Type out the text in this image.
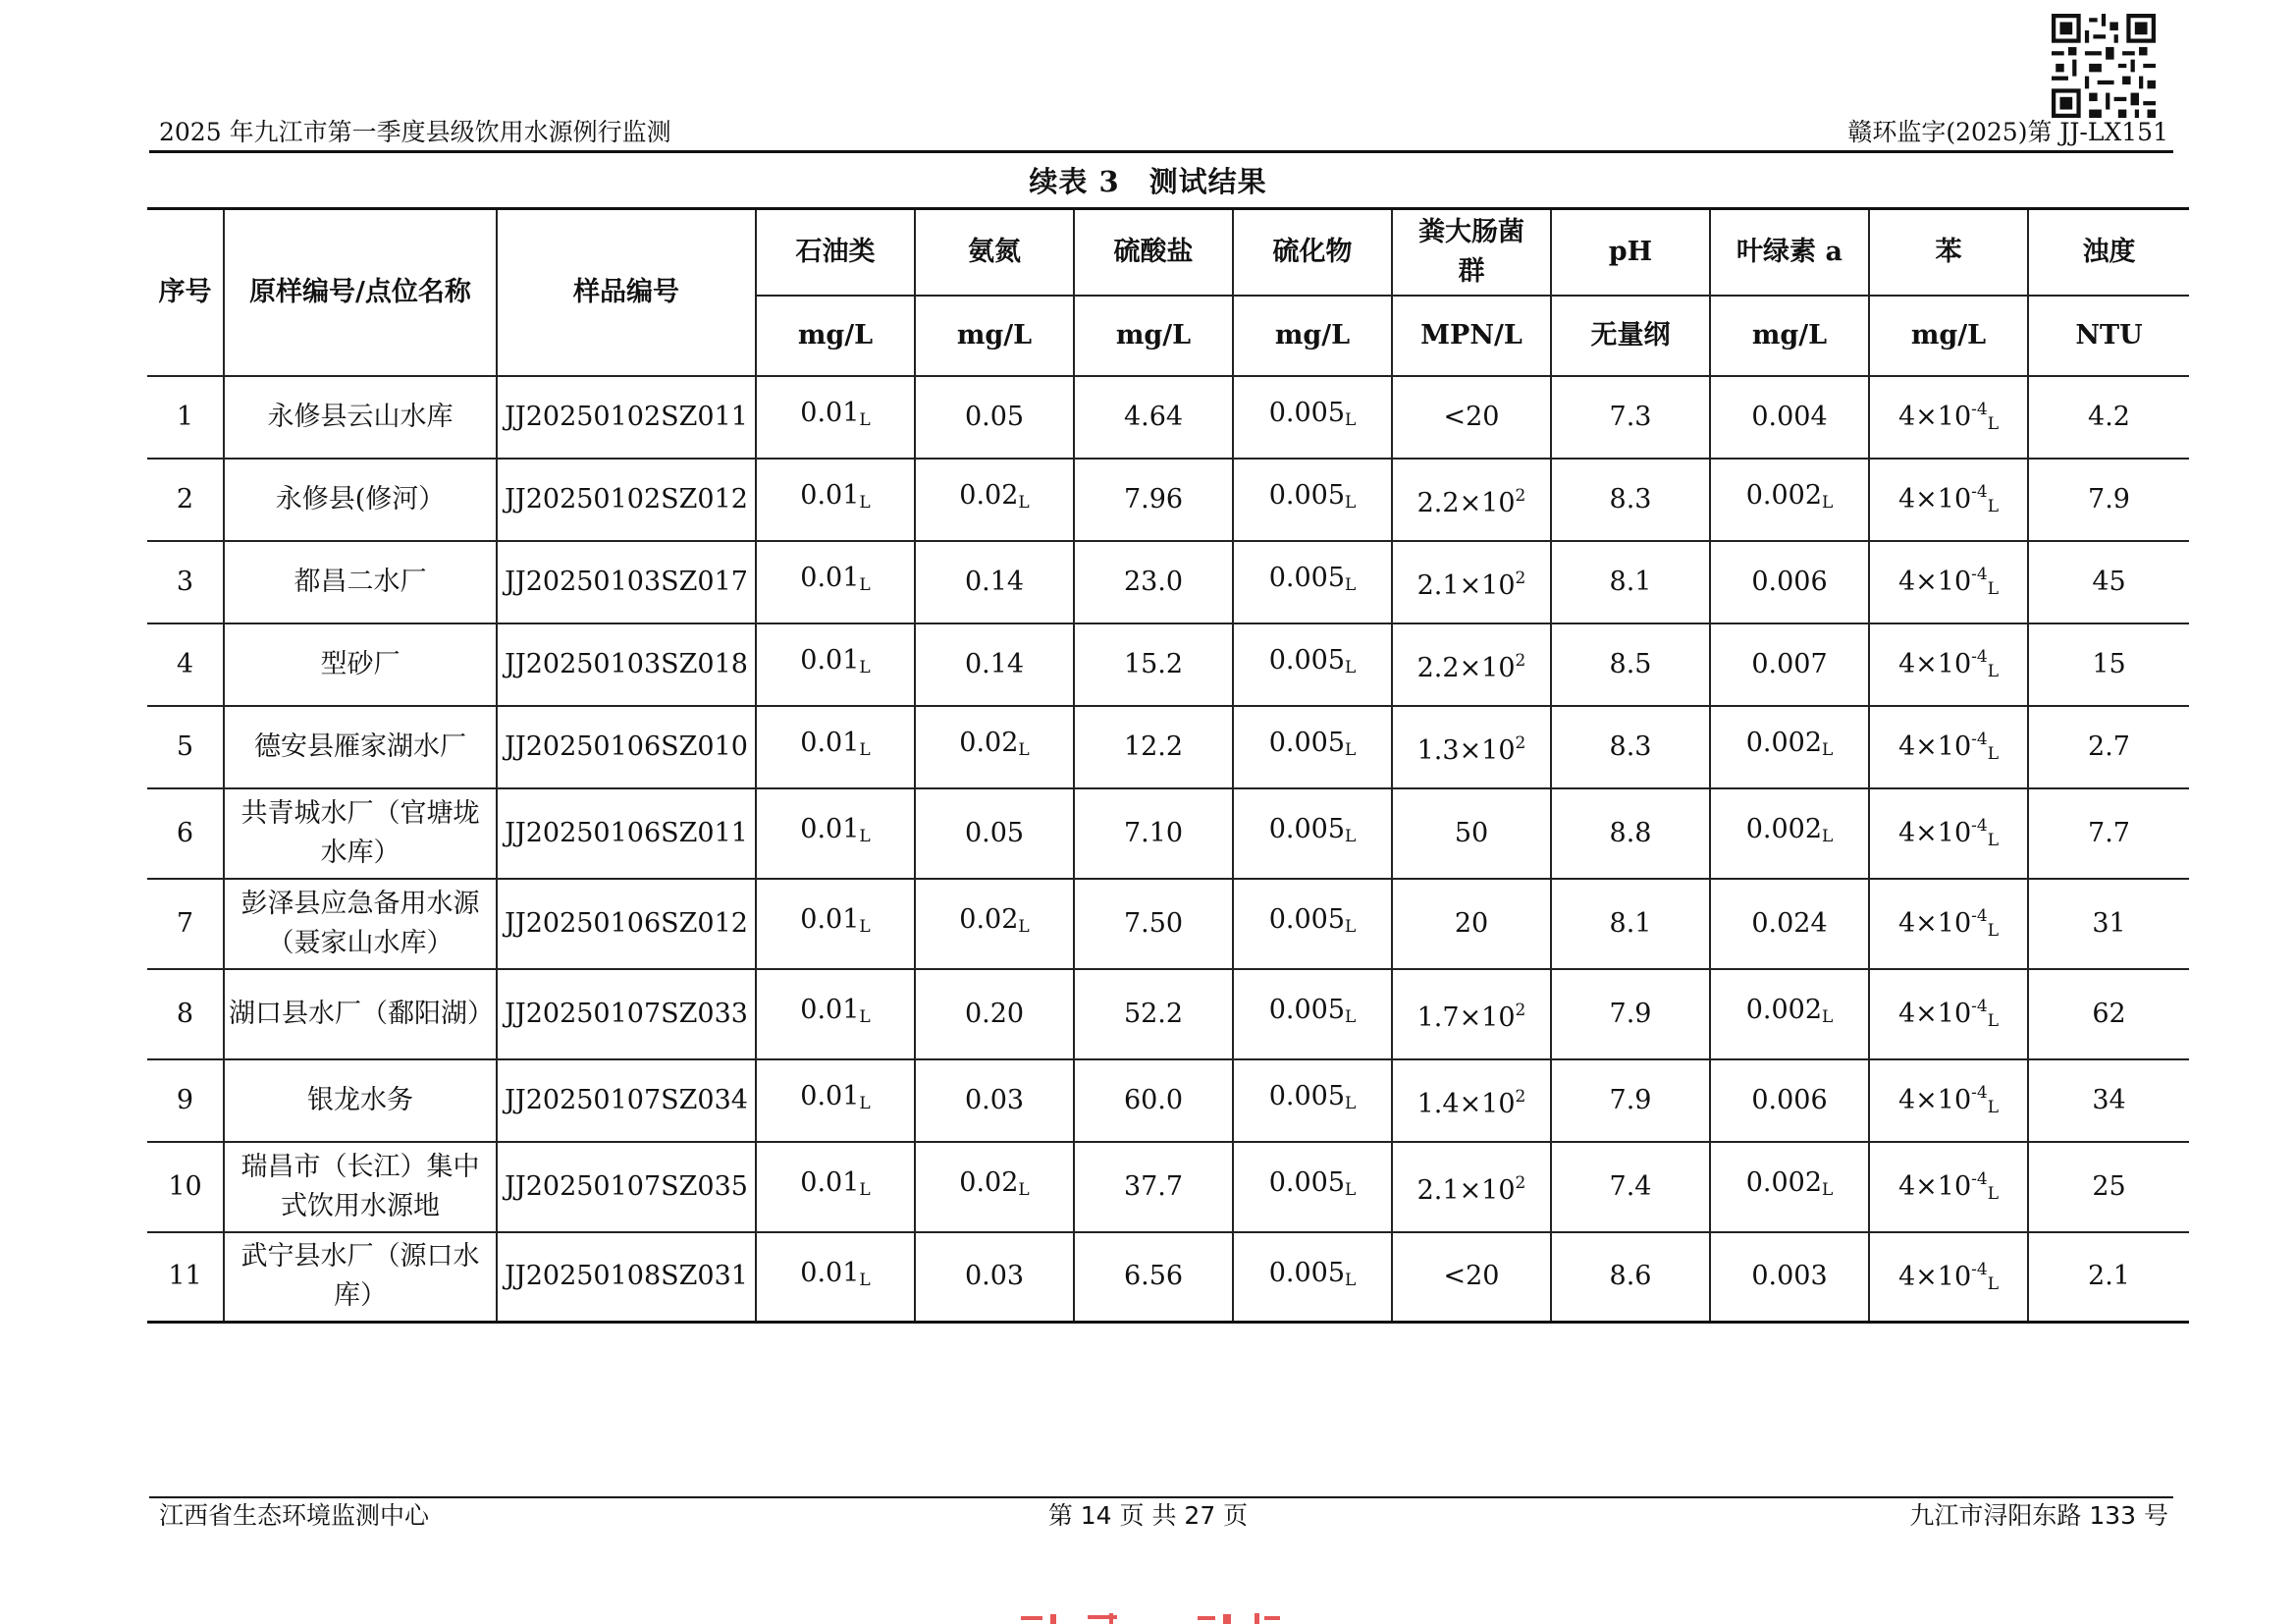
2025 年九江市第一季度县级饮用水源例行监测	赣环监字(2025)第 JJ-LX151
续表 3　测试结果
序号	原样编号/点位名称	样品编号	石油类	氨氮	硫酸盐	硫化物	粪大肠菌群	pH	叶绿素 a	苯	浊度
			mg/L	mg/L	mg/L	mg/L	MPN/L	无量纲	mg/L	mg/L	NTU
1	永修县云山水库	JJ20250102SZ011	0.01L	0.05	4.64	0.005L	<20	7.3	0.004	$4\times 10^{-4}L$	4.2
2	永修县(修河）	JJ20250102SZ012	0.01L	0.02L	7.96	0.005L	$2.2\times 10^2$	8.3	0.002L	$4\times 10^{-4}L$	7.9
3	都昌二水厂	JJ20250103SZ017	0.01L	0.14	23.0	0.005L	$2.1\times 10^2$	8.1	0.006	$4\times 10^{-4}L$	45
4	型砂厂	JJ20250103SZ018	0.01L	0.14	15.2	0.005L	$2.2\times 10^2$	8.5	0.007	$4\times 10^{-4}L$	15
5	德安县雁家湖水厂	JJ20250106SZ010	0.01L	0.02L	12.2	0.005L	$1.3\times 10^2$	8.3	0.002L	$4\times 10^{-4}L$	2.7
6	共青城水厂（官塘垅水库）	JJ20250106SZ011	0.01L	0.05	7.10	0.005L	50	8.8	0.002L	$4\times 10^{-4}L$	7.7
7	彭泽县应急备用水源（聂家山水库）	JJ20250106SZ012	0.01L	0.02L	7.50	0.005L	20	8.1	0.024	$4\times 10^{-4}L$	31
8	湖口县水厂（鄱阳湖）	JJ20250107SZ033	0.01L	0.20	52.2	0.005L	$1.7\times 10^2$	7.9	0.002L	$4\times 10^{-4}L$	62
9	银龙水务	JJ20250107SZ034	0.01L	0.03	60.0	0.005L	$1.4\times 10^2$	7.9	0.006	$4\times 10^{-4}L$	34
10	瑞昌市（长江）集中式饮用水源地	JJ20250107SZ035	0.01L	0.02L	37.7	0.005L	$2.1\times 10^2$	7.4	0.002L	$4\times 10^{-4}L$	25
11	武宁县水厂（源口水库）	JJ20250108SZ031	0.01L	0.03	6.56	0.005L	<20	8.6	0.003	$4\times 10^{-4}L$	2.1
江西省生态环境监测中心	第 14 页 共 27 页	九江市浔阳东路 133 号
